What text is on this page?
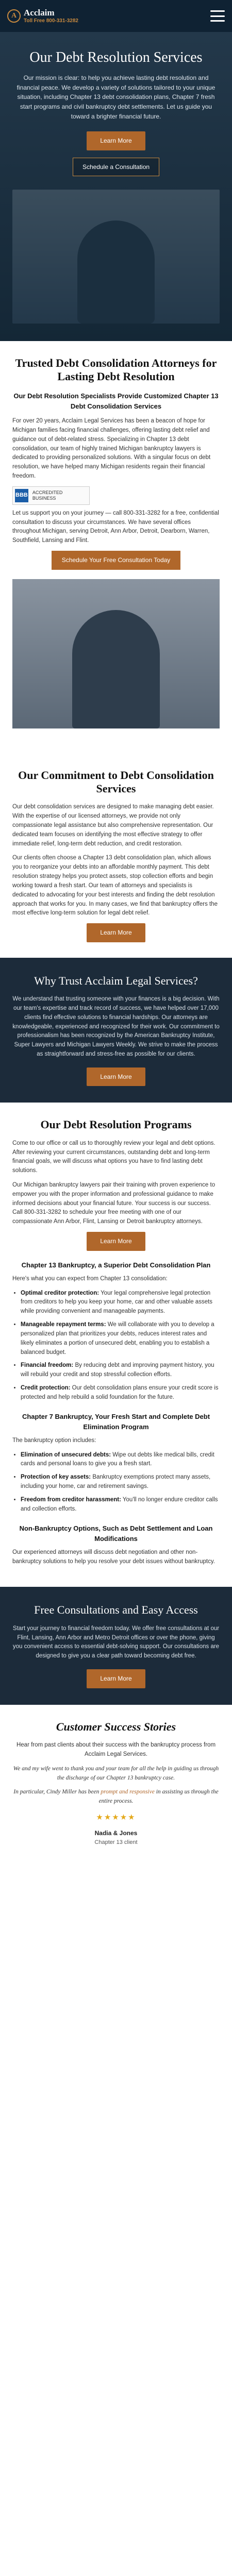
A Acclaim
Toll Free 800-331-3282
Our Debt Resolution Services

Our mission is clear: to help you achieve lasting debt resolution and financial peace. We develop a variety of solutions tailored to your unique situation, including Chapter 13 debt consolidation plans, Chapter 7 fresh start programs and civil bankruptcy debt settlements. Let us guide you toward a brighter financial future.

Learn More
Schedule a Consultation
Trusted Debt Consolidation Attorneys for Lasting Debt Resolution
Our Debt Resolution Specialists Provide Customized Chapter 13 Debt Consolidation Services

For over 20 years, Acclaim Legal Services has been a beacon of hope for Michigan families facing financial challenges, offering lasting debt relief and guidance out of debt-related stress. Specializing in Chapter 13 debt consolidation, our team of highly trained Michigan bankruptcy lawyers is dedicated to providing personalized solutions. With a singular focus on debt resolution, we have helped many Michigan residents regain their financial freedom.

BBB ACCREDITED BUSINESS

Let us support you on your journey — call 800-331-3282 for a free, confidential consultation to discuss your circumstances. We have several offices throughout Michigan, serving Detroit, Ann Arbor, Detroit, Dearborn, Warren, Southfield, Lansing and Flint.

Schedule Your Free Consultation Today
Our Commitment to Debt Consolidation Services

Our debt consolidation services are designed to make managing debt easier. With the expertise of our licensed attorneys, we provide not only compassionate legal assistance but also comprehensive representation. Our dedicated team focuses on identifying the most effective strategy to offer immediate relief, long-term debt reduction, and credit restoration.

Our clients often choose a Chapter 13 debt consolidation plan, which allows you to reorganize your debts into an affordable monthly payment. This debt resolution strategy helps you protect assets, stop collection efforts and begin working toward a fresh start. Our team of attorneys and specialists is dedicated to advocating for your best interests and finding the debt resolution approach that works for you. In many cases, we find that bankruptcy offers the most effective long-term solution for legal debt relief.

Learn More
Why Trust Acclaim Legal Services?

We understand that trusting someone with your finances is a big decision. With our team's expertise and track record of success, we have helped over 17,000 clients find effective solutions to financial hardships. Our attorneys are knowledgeable, experienced and recognized for their work. Our commitment to professionalism has been recognized by the American Bankruptcy Institute, Super Lawyers and Michigan Lawyers Weekly. We strive to make the process as straightforward and stress-free as possible for our clients.

Learn More
Our Debt Resolution Programs

Come to our office or call us to thoroughly review your legal and debt options. After reviewing your current circumstances, outstanding debt and long-term financial goals, we will discuss what options you have to find lasting debt solutions.

Our Michigan bankruptcy lawyers pair their training with proven experience to empower you with the proper information and professional guidance to make informed decisions about your financial future. Your success is our success. Call 800-331-3282 to schedule your free meeting with one of our compassionate Ann Arbor, Flint, Lansing or Detroit bankruptcy attorneys.

Learn More
Chapter 13 Bankruptcy, a Superior Debt Consolidation Plan

Here's what you can expect from Chapter 13 consolidation:

• Optimal creditor protection: Your legal comprehensive legal protection from creditors to help you keep your home, car and other valuable assets while providing convenient and manageable payments.
• Manageable repayment terms: We will collaborate with you to develop a personalized plan that prioritizes your debts, reduces interest rates and likely eliminates a portion of unsecured debt, enabling you to establish a balanced budget.
• Financial freedom: By reducing debt and improving payment history, you will rebuild your credit and stop stressful collection efforts.
• Credit protection: Our debt consolidation plans ensure your credit score is protected and help rebuild a solid foundation for the future.
Chapter 7 Bankruptcy, Your Fresh Start and Complete Debt Elimination Program

The bankruptcy option includes:

• Elimination of unsecured debts: Wipe out debts like medical bills, credit cards and personal loans to give you a fresh start.
• Protection of key assets: Bankruptcy exemptions protect many assets, including your home, car and retirement savings.
• Freedom from creditor harassment: You'll no longer endure creditor calls and collection efforts.
Non-Bankruptcy Options, Such as Debt Settlement and Loan Modifications

Our experienced attorneys will discuss debt negotiation and other non-bankruptcy solutions to help you resolve your debt issues without bankruptcy.

Free Consultations and Easy Access

Start your journey to financial freedom today. We offer free consultations at our Flint, Lansing, Ann Arbor and Metro Detroit offices or over the phone, giving you convenient access to essential debt-solving support. Our consultations are designed to give you a clear path toward becoming debt free.

Learn More
Customer Success Stories

Hear from past clients about their success with the bankruptcy process from Acclaim Legal Services.

We and my wife went to thank you and your team for all the help in guiding us through the discharge of our Chapter 13 bankruptcy case.

In particular, Cindy Miller has been prompt and responsive in assisting us through the entire process.

★★★★★
Nadia & Jones
Chapter 13 client
